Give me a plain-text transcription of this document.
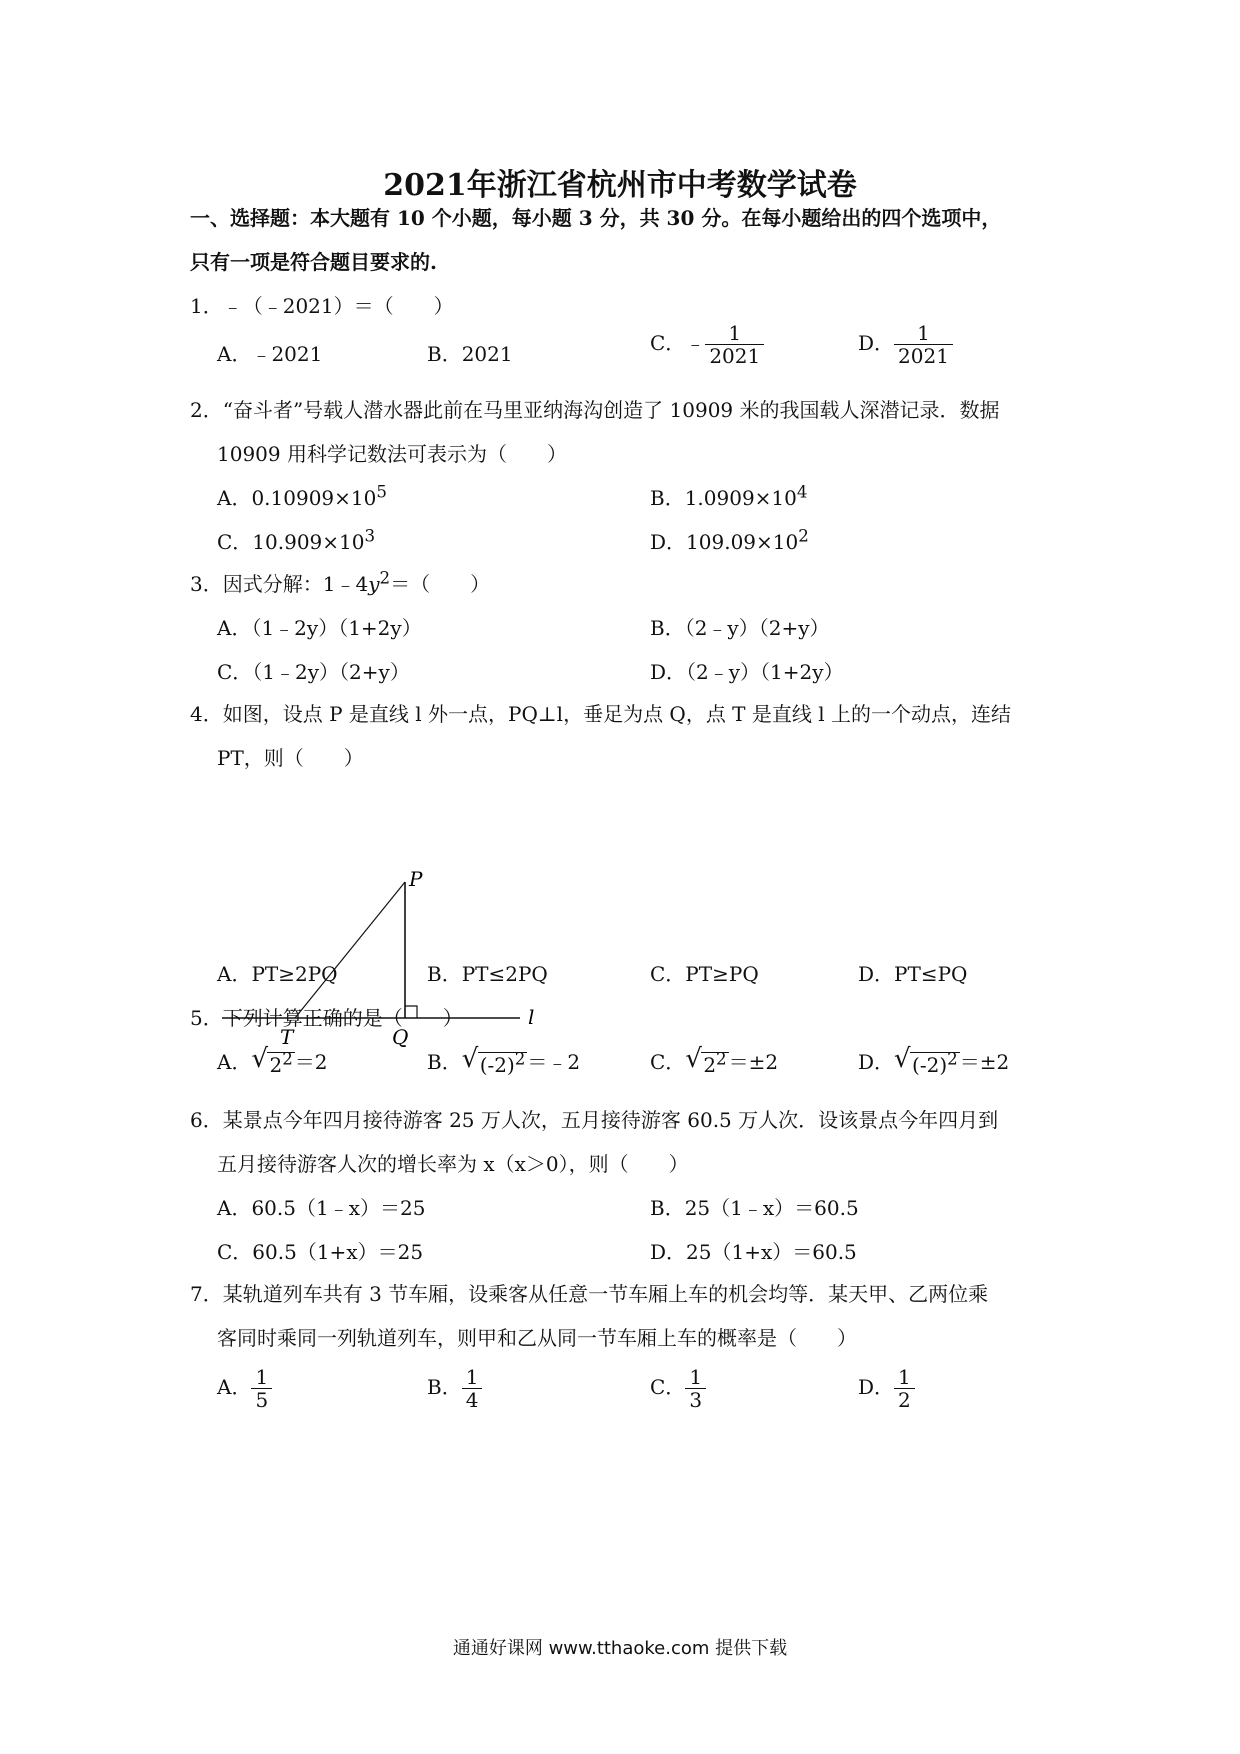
2021年浙江省杭州市中考数学试卷
一、选择题：本大题有 10 个小题，每小题 3 分，共 30 分。在每小题给出的四个选项中，
只有一项是符合题目要求的.
1．﹣（﹣2021）＝（　　）
A．﹣2021	B．2021	C．﹣ $\frac{1}{2021}$	D． $\frac{1}{2021}$
2．“奋斗者”号载人潜水器此前在马里亚纳海沟创造了 10909 米的我国载人深潜记录．数据
10909 用科学记数法可表示为（　　）
A．$0.10909\times 10^5$	B．$1.0909\times 10^4$
C．$10.909\times 10^3$	D．$109.09\times 10^2$
3．因式分解：$1﹣4y^2=$（　　）
A．（1﹣2y）（1+2y）	B．（2﹣y）（2+y）
C．（1﹣2y）（2+y）	D．（2﹣y）（1+2y）
4．如图，设点 P 是直线 l 外一点，PQ⊥l，垂足为点 Q，点 T 是直线 l 上的一个动点，连结
PT，则（　　）
P
T	Q
l
A．PT≥2PQ	B．PT≤2PQ	C．PT≥PQ	D．PT≤PQ
5．下列计算正确的是（　　）
A． √ $2^2 =2$	B． √ $(-2)^2$ ＝﹣2	C． √ $2^2 =\pm 2$	D． √ $(-2)^2 =\pm 2$
6．某景点今年四月接待游客 25 万人次，五月接待游客 60.5 万人次．设该景点今年四月到
五月接待游客人次的增长率为 x（x＞0），则（　　）
A．60.5（1﹣x）＝25	B．25（1﹣x）＝60.5
C．60.5（1+x）＝25	D．25（1+x）＝60.5
7．某轨道列车共有 3 节车厢，设乘客从任意一节车厢上车的机会均等．某天甲、乙两位乘
客同时乘同一列轨道列车，则甲和乙从同一节车厢上车的概率是（　　）
A． $\frac{1}{5}$	B． $\frac{1}{4}$	C． $\frac{1}{3}$	D． $\frac{1}{2}$
通通好课网 www.tthaoke.com 提供下载
